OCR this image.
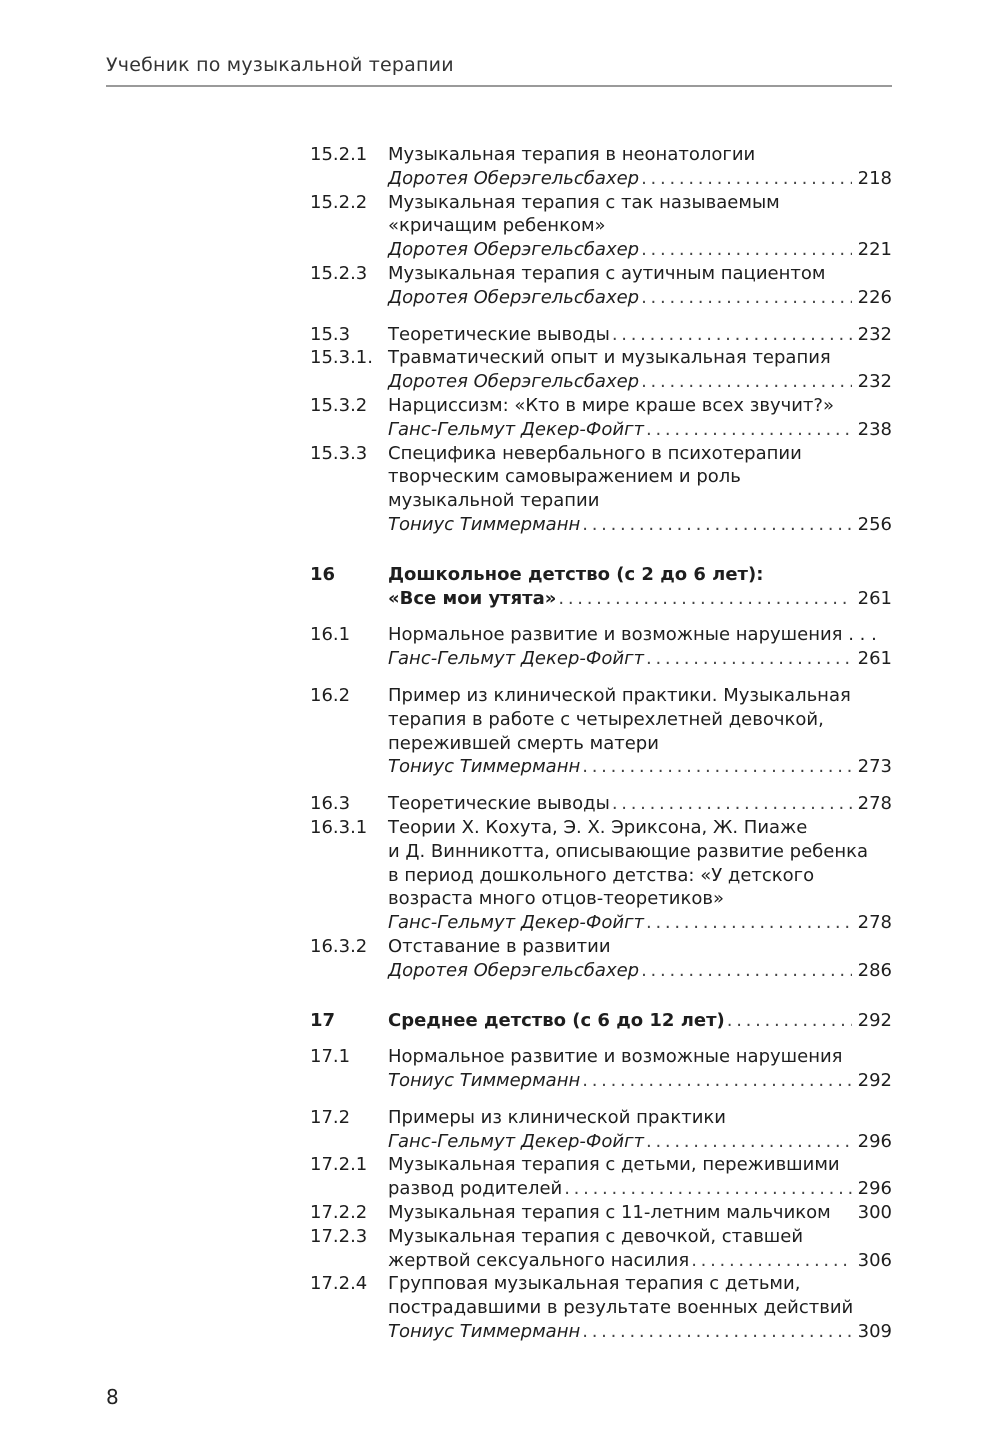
Учебник по музыкальной терапии
15.2.1	Музыкальная терапия в неонатологии
Доротея Оберэгельсбахер . . .	218
15.2.2	Музыкальная терапия с так называемым
«кричащим ребенком»
Доротея Оберэгельсбахер . . .	221
15.2.3	Музыкальная терапия с аутичным пациентом
Доротея Оберэгельсбахер . . .	226
15.3	Теоретические выводы . . .	232
15.3.1. Травматический опыт и музыкальная терапия
Доротея Оберэгельсбахер . . .	232
15.3.2	Нарциссизм: «Кто в мире краше всех звучит?»
Ганс-Гельмут Декер-Фойгт . . .	238
15.3.3	Специфика невербального в психотерапии
творческим самовыражением и роль
музыкальной терапии
Тониус Тиммерманн . . .	256
16	Дошкольное детство (с 2 до 6 лет):
«Все мои утята» . . .	261
16.1	Нормальное развитие и возможные нарушения . . .
Ганс-Гельмут Декер-Фойгт . . .	261
16.2	Пример из клинической практики. Музыкальная
терапия в работе с четырехлетней девочкой,
пережившей смерть матери
Тониус Тиммерманн . . .	273
16.3	Теоретические выводы . . .	278
16.3.1	Теории Х. Кохута, Э. Х. Эриксона, Ж. Пиаже
и Д. Винникотта, описывающие развитие ребенка
в период дошкольного детства: «У детского
возраста много отцов-теоретиков»
Ганс-Гельмут Декер-Фойгт . . .	278
16.3.2	Отставание в развитии
Доротея Оберэгельсбахер . . .	286
17	Среднее детство (с 6 до 12 лет) . . .	292
17.1	Нормальное развитие и возможные нарушения
Тониус Тиммерманн . . .	292
17.2	Примеры из клинической практики
Ганс-Гельмут Декер-Фойгт . . .	296
17.2.1	Музыкальная терапия с детьми, пережившими
развод родителей . . .	296
17.2.2	Музыкальная терапия с 11-летним мальчиком 300
17.2.3	Музыкальная терапия с девочкой, ставшей
жертвой сексуального насилия . . .	306
17.2.4	Групповая музыкальная терапия с детьми,
пострадавшими в результате военных действий
Тониус Тиммерманн . . .	309
8
